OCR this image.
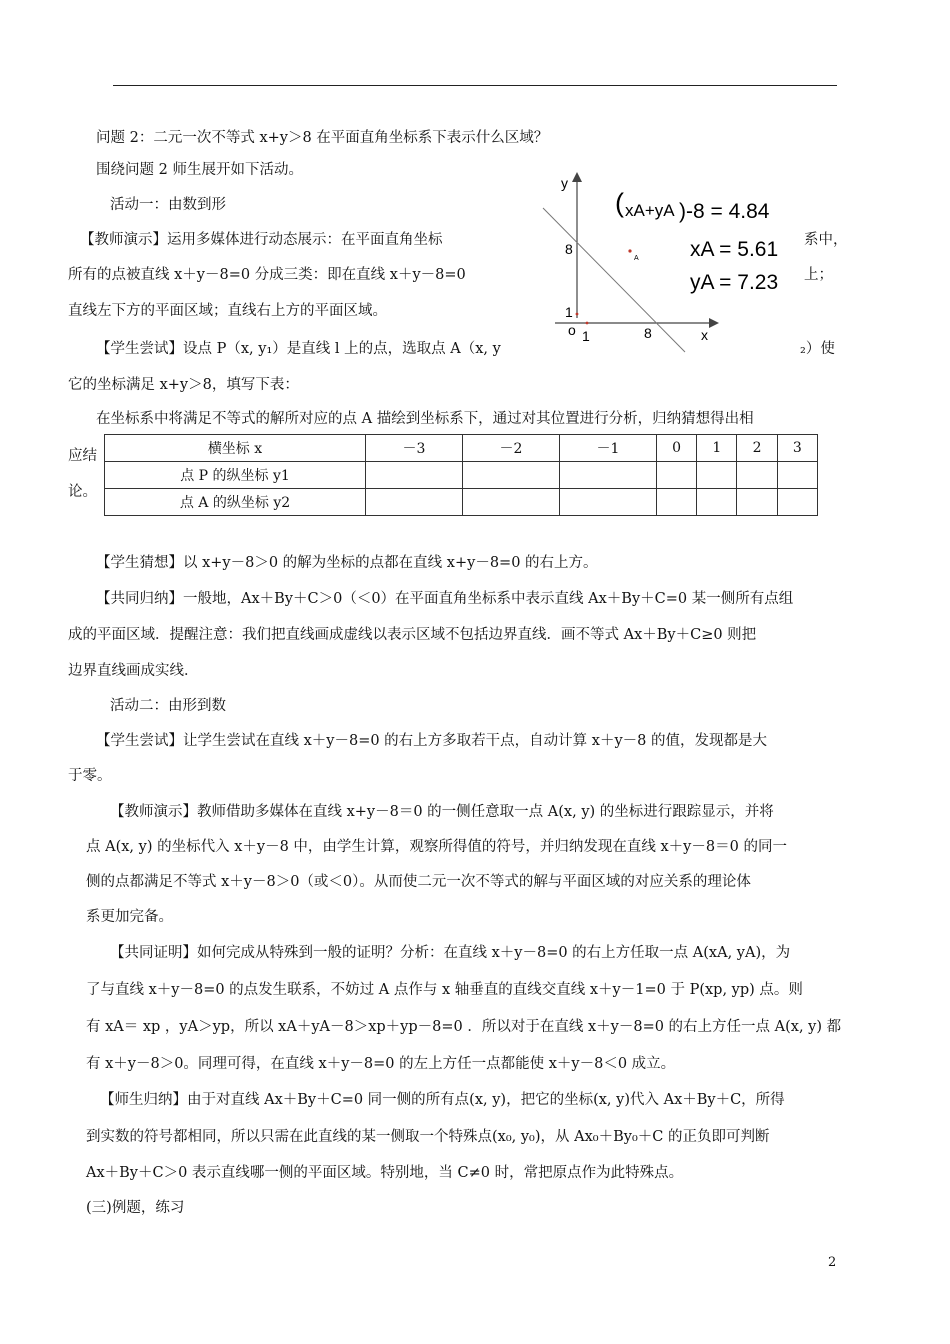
问题 2：二元一次不等式 x+y＞8 在平面直角坐标系下表示什么区域？
围绕问题 2 师生展开如下活动。
活动一：由数到形
【教师演示】运用多媒体进行动态展示：在平面直角坐标	系中，
所有的点被直线 x＋y－8=0 分成三类：即在直线 x＋y－8=0	上；
直线左下方的平面区域；直线右上方的平面区域。
【学生尝试】设点 P（x, y₁）是直线 l 上的点，选取点 A（x, y	₂）使
它的坐标满足 x+y＞8，填写下表：
y
x
8
1
o 1	8
A
( xA+yA )-8 = 4.84
xA = 5.61
yA = 7.23
在坐标系中将满足不等式的解所对应的点 A 描绘到坐标系下，通过对其位置进行分析，归纳猜想得出相
应结
论。
横坐标 x	－3	－2	－1	0	1	2	3
点 P 的纵坐标 y1							
点 A 的纵坐标 y2							
【学生猜想】以 x+y－8＞0 的解为坐标的点都在直线 x+y－8=0 的右上方。
【共同归纳】一般地，Ax＋By＋C＞0（＜0）在平面直角坐标系中表示直线 Ax＋By＋C=0 某一侧所有点组
成的平面区域．提醒注意：我们把直线画成虚线以表示区域不包括边界直线．画不等式 Ax＋By＋C≥0 则把
边界直线画成实线．
活动二：由形到数
【学生尝试】让学生尝试在直线 x＋y－8=0 的右上方多取若干点，自动计算 x＋y－8 的值，发现都是大
于零。
【教师演示】教师借助多媒体在直线 x+y－8＝0 的一侧任意取一点 A(x, y) 的坐标进行跟踪显示，并将
点 A(x, y) 的坐标代入 x＋y－8 中，由学生计算，观察所得值的符号，并归纳发现在直线 x＋y－8＝0 的同一
侧的点都满足不等式 x＋y－8＞0（或＜0）。从而使二元一次不等式的解与平面区域的对应关系的理论体
系更加完备。
【共同证明】如何完成从特殊到一般的证明？分析：在直线 x＋y－8=0 的右上方任取一点 A(xA, yA)，为
了与直线 x＋y－8=0 的点发生联系，不妨过 A 点作与 x 轴垂直的直线交直线 x＋y－1=0 于 P(xp, yp) 点。则
有 xA＝ xp ，yA＞yp，所以 xA＋yA－8＞xp＋yp－8=0 ．所以对于在直线 x＋y－8=0 的右上方任一点 A(x, y) 都
有 x＋y－8＞0。同理可得，在直线 x＋y－8=0 的左上方任一点都能使 x＋y－8＜0 成立。
【师生归纳】由于对直线 Ax＋By＋C=0 同一侧的所有点(x, y)，把它的坐标(x, y)代入 Ax＋By＋C，所得
到实数的符号都相同，所以只需在此直线的某一侧取一个特殊点(x₀, y₀)，从 Ax₀＋By₀＋C 的正负即可判断
Ax＋By＋C＞0 表示直线哪一侧的平面区域。特别地，当 C≠0 时，常把原点作为此特殊点。
(三)例题，练习
2
